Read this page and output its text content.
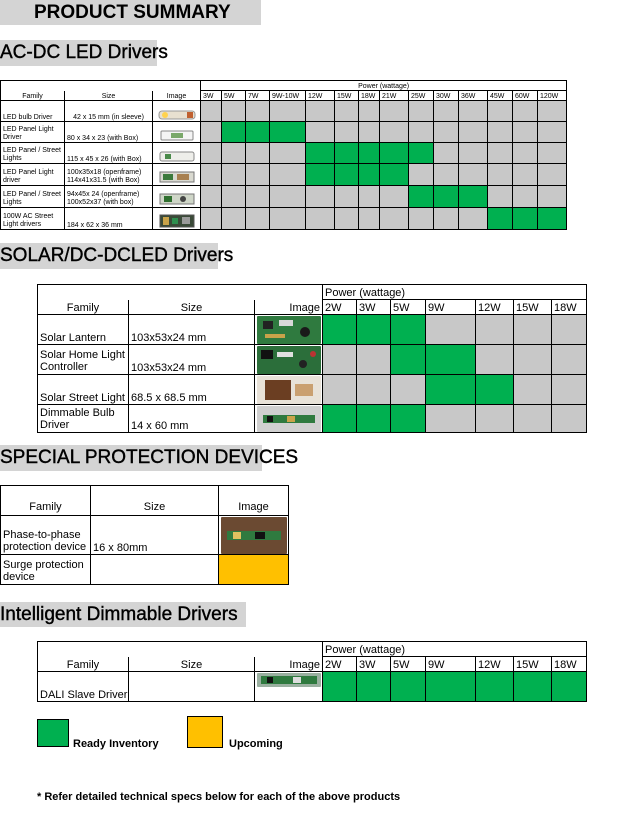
PRODUCT SUMMARY
AC-DC LED Drivers
			Power (wattage)													
Family	Size	Image	3W	5W	7W	9W-10W	12W	15W	18W	21W	25W	30W	36W	45W	60W	120W
LED bulb Driver	42 x 15 mm (in sleeve)	

LED Panel Light Driver	80 x 34 x 23 (with Box)	

LED Panel / Street Lights	115 x 45 x 26 (with Box)	

LED Panel Light driver	100x35x18 (openframe) 114x41x31.5 (with Box)	

LED Panel / Street Lights	94x45x 24 (openframe) 100x52x37 (with box)	

100W AC Street Light drivers	184 x 62 x 36 mm	

SOLAR/DC-DCLED Drivers
			Power (wattage)						
Family	Size	Image	2W	3W	5W	9W	12W	15W	18W
Solar Lantern	103x53x24 mm	

Solar Home Light Controller	103x53x24 mm	

Solar Street Light	68.5 x 68.5 mm	

Dimmable Bulb Driver	14 x 60 mm	

SPECIAL PROTECTION DEVICES
Family	Size	Image
Phase-to-phase protection device	16 x 80mm	

Surge protection device		
Intelligent Dimmable Drivers
			Power (wattage)						
Family	Size	Image	2W	3W	5W	9W	12W	15W	18W
DALI Slave Driver		

Ready Inventory	Upcoming
* Refer detailed technical specs below for each of the above products
